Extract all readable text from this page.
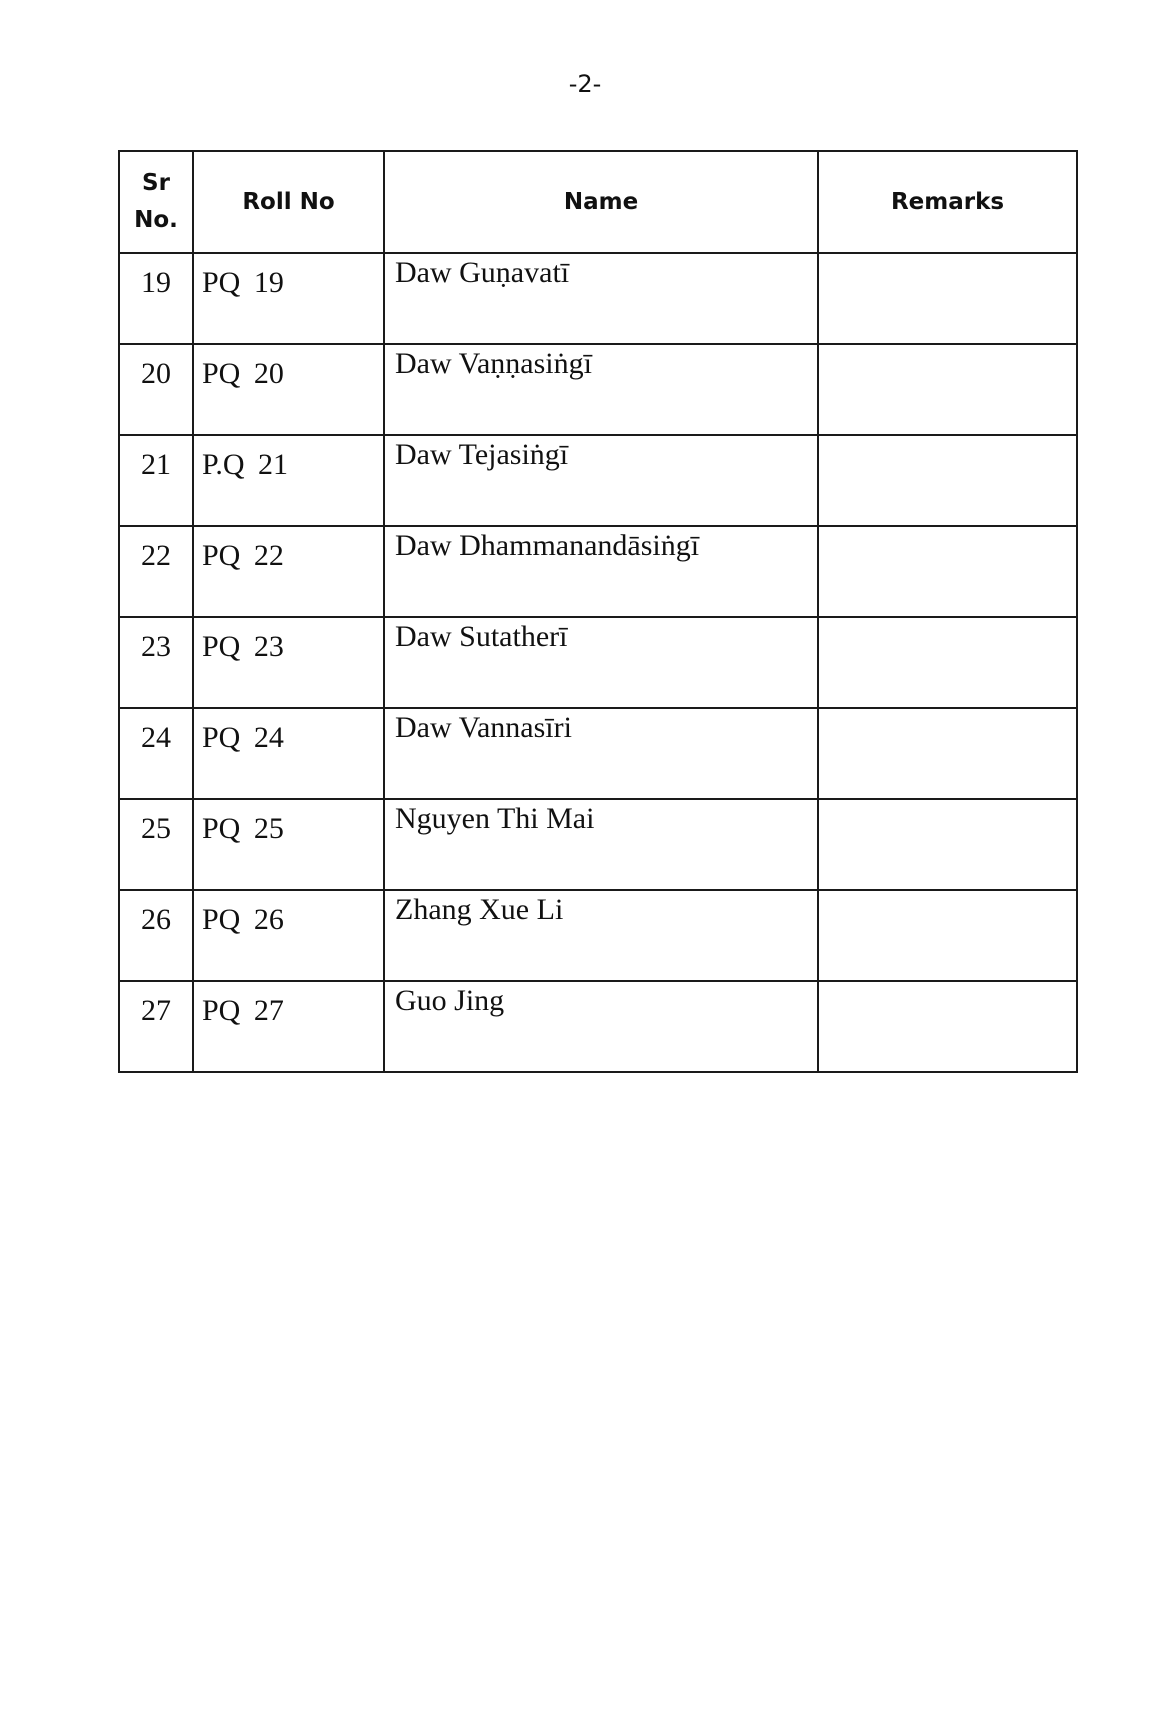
-2-
Sr
No.	Roll No	Name	Remarks
19	PQ 19	Daw Guṇavatī	
20	PQ 20	Daw Vaṇṇasiṅgī	
21	P.Q 21	Daw Tejasiṅgī	
22	PQ 22	Daw Dhammanandāsiṅgī	
23	PQ 23	Daw Sutatherī	
24	PQ 24	Daw Vannasīri	
25	PQ 25	Nguyen Thi Mai	
26	PQ 26	Zhang Xue Li	
27	PQ 27	Guo Jing	
